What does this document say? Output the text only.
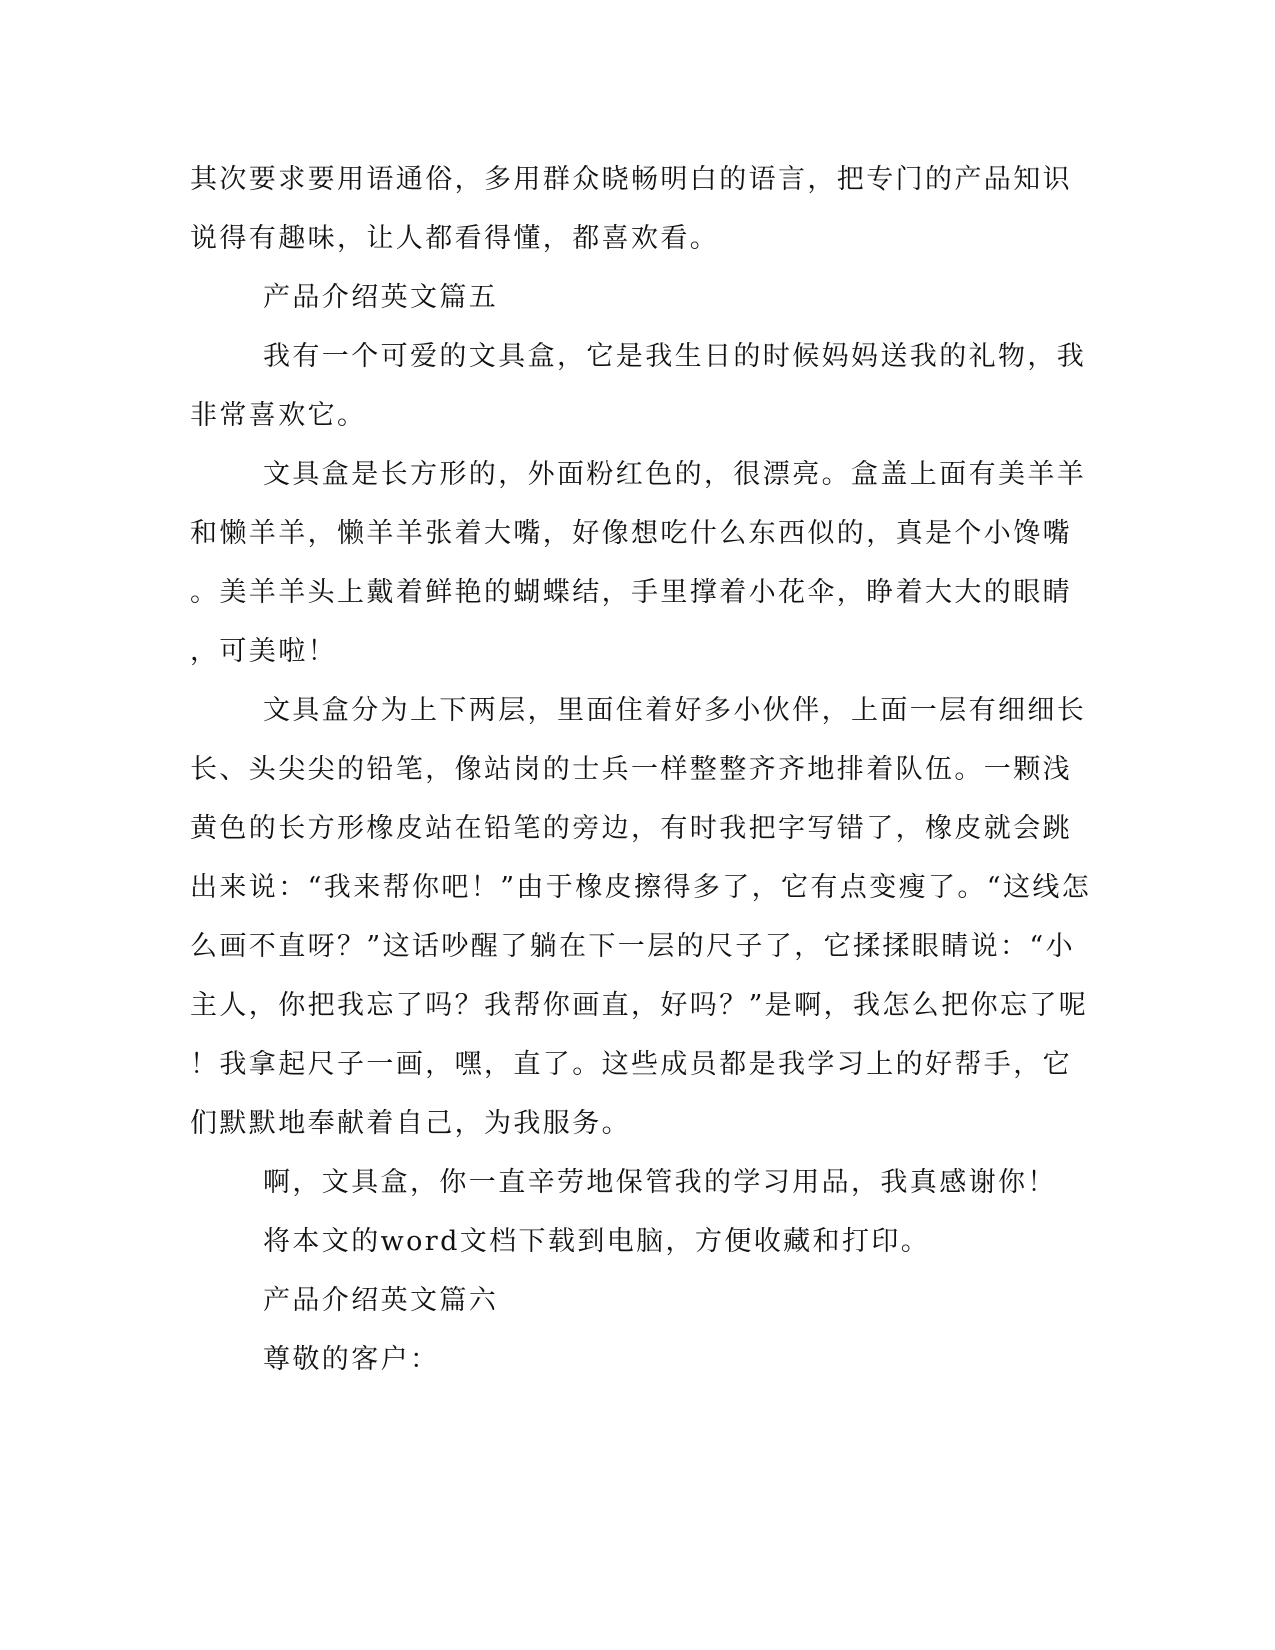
其次要求要用语通俗，多用群众晓畅明白的语言，把专门的产品知识
说得有趣味，让人都看得懂，都喜欢看。
产品介绍英文篇五
我有一个可爱的文具盒，它是我生日的时候妈妈送我的礼物，我
非常喜欢它。
文具盒是长方形的，外面粉红色的，很漂亮。盒盖上面有美羊羊
和懒羊羊，懒羊羊张着大嘴，好像想吃什么东西似的，真是个小馋嘴
。美羊羊头上戴着鲜艳的蝴蝶结，手里撑着小花伞，睁着大大的眼睛
，可美啦！
文具盒分为上下两层，里面住着好多小伙伴，上面一层有细细长
长、头尖尖的铅笔，像站岗的士兵一样整整齐齐地排着队伍。一颗浅
黄色的长方形橡皮站在铅笔的旁边，有时我把字写错了，橡皮就会跳
出来说：“我来帮你吧！”由于橡皮擦得多了，它有点变瘦了。“这线怎
么画不直呀？”这话吵醒了躺在下一层的尺子了，它揉揉眼睛说：“小
主人，你把我忘了吗？我帮你画直，好吗？”是啊，我怎么把你忘了呢
！我拿起尺子一画，嘿，直了。这些成员都是我学习上的好帮手，它
们默默地奉献着自己，为我服务。
啊，文具盒，你一直辛劳地保管我的学习用品，我真感谢你！
将本文的word文档下载到电脑，方便收藏和打印。
产品介绍英文篇六
尊敬的客户：
